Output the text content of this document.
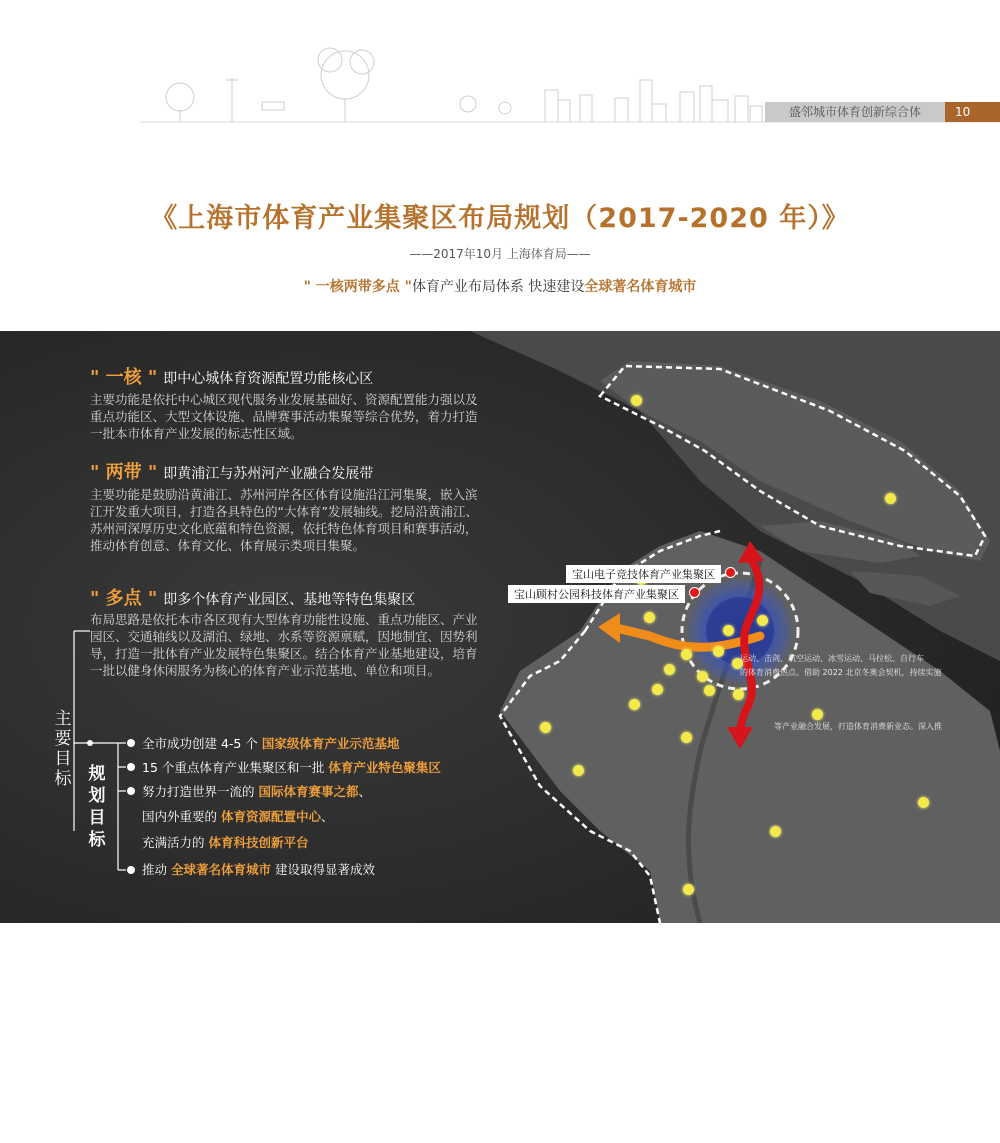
盛邻城市体育创新综合体	10
《上海市体育产业集聚区布局规划（2017-2020 年）》
——2017年10月 上海体育局——
" 一核两带多点 "体育产业布局体系 快速建设全球著名体育城市
宝山电子竞技体育产业集聚区
宝山顾村公园科技体育产业集聚区
运动、击剑、航空运动、冰雪运动、马拉松、自行车
的体育消费热点。借助 2022 北京冬奥会契机，持续实施
等产业融合发展，打造体育消费新业态。深入推
" 一核 " 即中心城体育资源配置功能核心区
主要功能是依托中心城区现代服务业发展基础好、资源配置能力强以及重点功能区、大型文体设施、品牌赛事活动集聚等综合优势，着力打造一批本市体育产业发展的标志性区域。
" 两带 " 即黄浦江与苏州河产业融合发展带
主要功能是鼓励沿黄浦江、苏州河岸各区体育设施沿江河集聚，嵌入滨江开发重大项目，打造各具特色的“大体育”发展轴线。挖局沿黄浦江、苏州河深厚历史文化底蕴和特色资源，依托特色体育项目和赛事活动，推动体育创意、体育文化、体育展示类项目集聚。
" 多点 " 即多个体育产业园区、基地等特色集聚区
布局思路是依托本市各区现有大型体育功能性设施、重点功能区、产业园区、交通轴线以及湖泊、绿地、水系等资源禀赋，因地制宜、因势利导，打造一批体育产业发展特色集聚区。结合体育产业基地建设，培育一批以健身休闲服务为核心的体育产业示范基地、单位和项目。
主
要
目
标 规
划
目
标
全市成功创建 4-5 个 国家级体育产业示范基地
15 个重点体育产业集聚区和一批 体育产业特色聚集区
努力打造世界一流的 国际体育赛事之都、
国内外重要的 体育资源配置中心、
充满活力的 体育科技创新平台
推动 全球著名体育城市 建设取得显著成效
